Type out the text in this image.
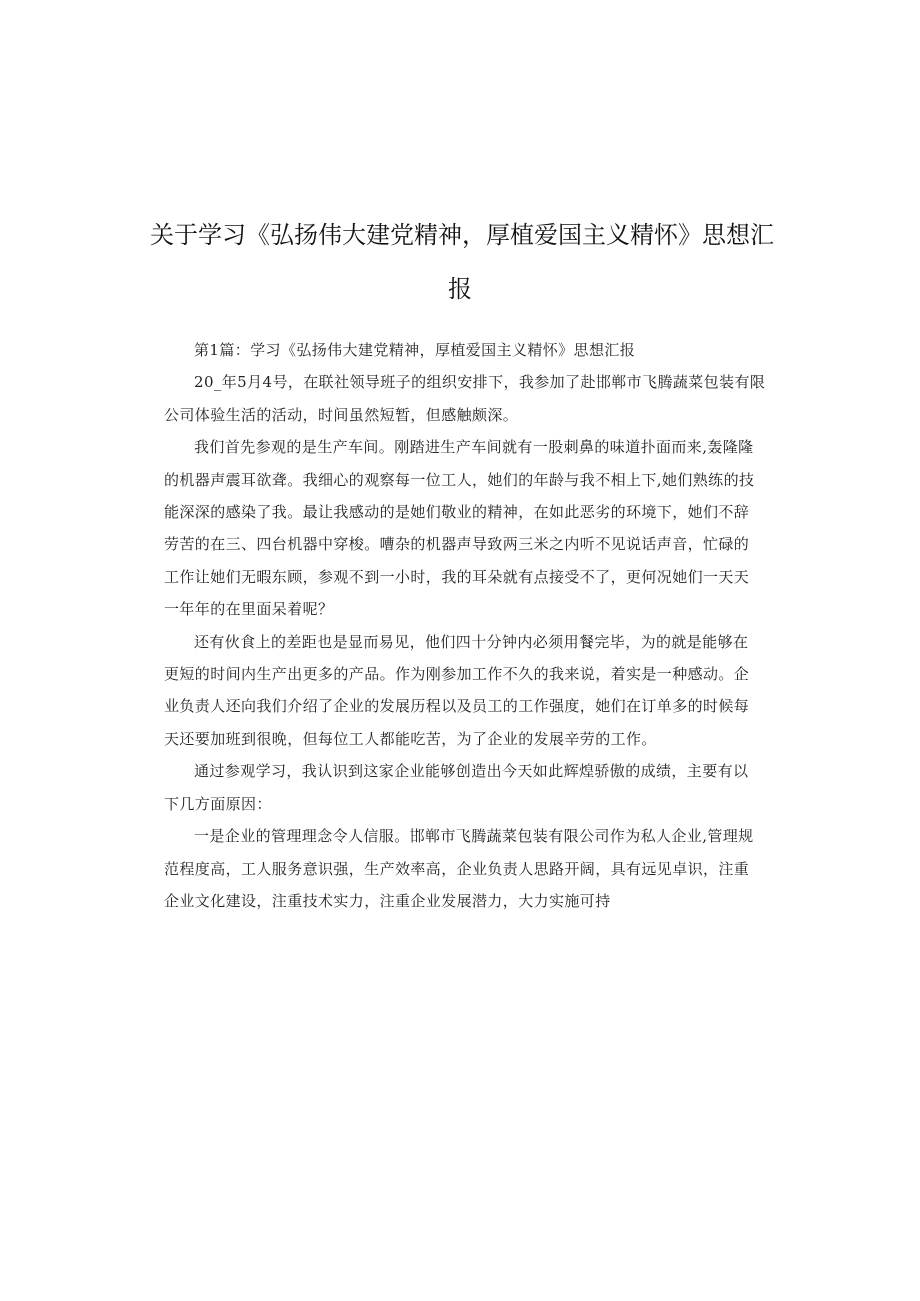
关于学习《弘扬伟大建党精神，厚植爱国主义精怀》思想汇
报

第1篇：学习《弘扬伟大建党精神，厚植爱国主义精怀》思想汇报

20_年5月4号，在联社领导班子的组织安排下，我参加了赴邯郸市飞腾蔬菜包装有限
公司体验生活的活动，时间虽然短暂，但感触颇深。

我们首先参观的是生产车间。刚踏进生产车间就有一股刺鼻的味道扑面而来,轰隆隆
的机器声震耳欲聋。我细心的观察每一位工人，她们的年龄与我不相上下,她们熟练的技
能深深的感染了我。最让我感动的是她们敬业的精神，在如此恶劣的环境下，她们不辞
劳苦的在三、四台机器中穿梭。嘈杂的机器声导致两三米之内听不见说话声音，忙碌的
工作让她们无暇东顾，参观不到一小时，我的耳朵就有点接受不了，更何况她们一天天
一年年的在里面呆着呢？

还有伙食上的差距也是显而易见，他们四十分钟内必须用餐完毕，为的就是能够在
更短的时间内生产出更多的产品。作为刚参加工作不久的我来说，着实是一种感动。企
业负责人还向我们介绍了企业的发展历程以及员工的工作强度，她们在订单多的时候每
天还要加班到很晚，但每位工人都能吃苦，为了企业的发展辛劳的工作。

通过参观学习，我认识到这家企业能够创造出今天如此辉煌骄傲的成绩，主要有以
下几方面原因：

一是企业的管理理念令人信服。邯郸市飞腾蔬菜包装有限公司作为私人企业,管理规
范程度高，工人服务意识强，生产效率高，企业负责人思路开阔，具有远见卓识，注重
企业文化建设，注重技术实力，注重企业发展潜力，大力实施可持
